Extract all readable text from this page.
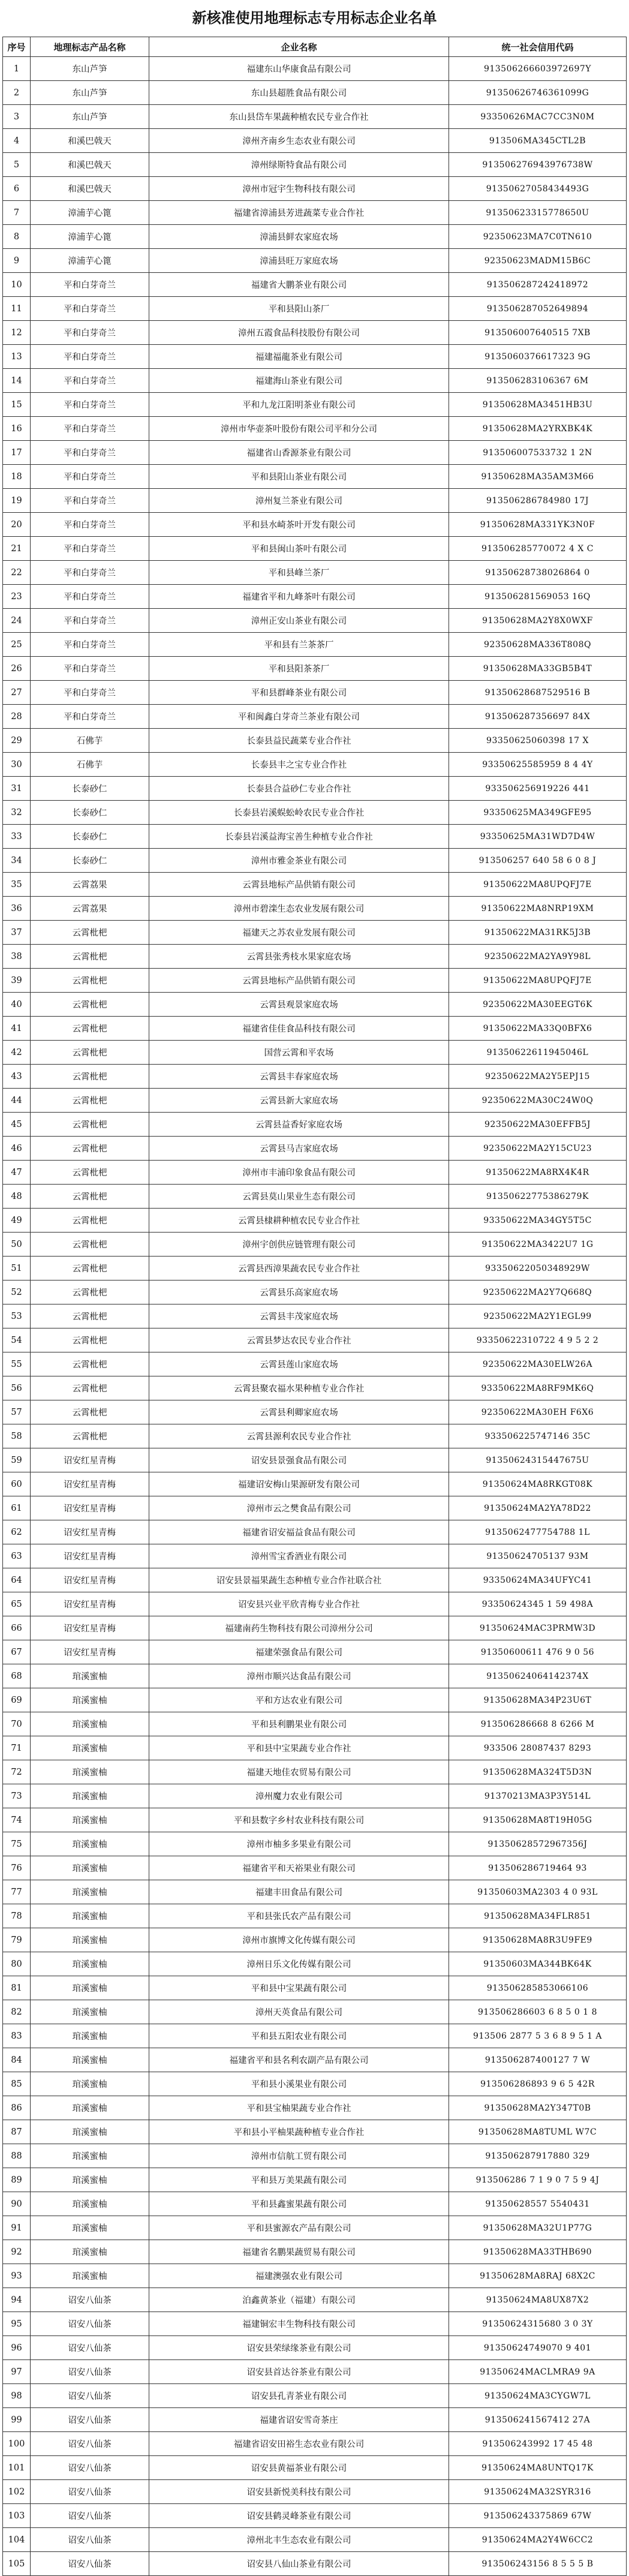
新核准使用地理标志专用标志企业名单
序号	地理标志产品名称	企业名称	统一社会信用代码
1	东山芦笋	福建东山华康食品有限公司	913506266603972697Y
2	东山芦笋	东山县超胜食品有限公司	91350626746361099G
3	东山芦笋	东山县岱车果蔬种植农民专业合作社	93350626MAC7CC3N0M
4	和溪巴戟天	漳州齐南乡生态农业有限公司	913506MA345CTL2B
5	和溪巴戟天	漳州绿斯特食品有限公司	913506276943976738W
6	和溪巴戟天	漳州市冠宇生物科技有限公司	91350627058434493G
7	漳浦芋心篦	福建省漳浦县芳进蔬菜专业合作社	91350623315778650U
8	漳浦芋心篦	漳浦县鲜农家庭农场	92350623MA7C0TN610
9	漳浦芋心篦	漳浦县旺万家庭农场	92350623MADM15B6C
10	平和白芽奇兰	福建省大鹏茶业有限公司	913506287242418972
11	平和白芽奇兰	平和县阳山茶厂	913506287052649894
12	平和白芽奇兰	漳州五霞食品科技股份有限公司	913506007640515 7XB
13	平和白芽奇兰	福建福龍茶业有限公司	9135060376617323 9G
14	平和白芽奇兰	福建海山茶业有限公司	913506283106367 6M
15	平和白芽奇兰	平和九龙江阳明茶业有限公司	91350628MA3451HB3U
16	平和白芽奇兰	漳州市华壶茶叶股份有限公司平和分公司	91350628MA2YRXBK4K
17	平和白芽奇兰	福建省山香源茶业有限公司	913506007533732 1 2N
18	平和白芽奇兰	平和县阳山茶业有限公司	91350628MA35AM3M66
19	平和白芽奇兰	漳州复兰茶业有限公司	913506286784980 17J
20	平和白芽奇兰	平和县水崎茶叶开发有限公司	91350628MA331YK3N0F
21	平和白芽奇兰	平和县闽山茶叶有限公司	913506285770072 4 X C
22	平和白芽奇兰	平和县峰兰茶厂	91350628738026864 0
23	平和白芽奇兰	福建省平和九峰茶叶有限公司	913506281569053 16Q
24	平和白芽奇兰	漳州正安山茶业有限公司	91350628MA2Y8X0WXF
25	平和白芽奇兰	平和县有兰茶茶厂	92350628MA336T808Q
26	平和白芽奇兰	平和县阳茶茶厂	91350628MA33GB5B4T
27	平和白芽奇兰	平和县群峰茶业有限公司	91350628687529516 B
28	平和白芽奇兰	平和闽鑫白芽奇兰茶业有限公司	913506287356697 84X
29	石佛芋	长泰县益民蔬菜专业合作社	93350625060398 17 X
30	石佛芋	长泰县丰之宝专业合作社	93350625585959 8 4 4Y
31	长泰砂仁	长泰县合益砂仁专业合作社	933506256919226 441
32	长泰砂仁	长泰县岩溪蜈蚣岭农民专业合作社	93350625MA349GFE95
33	长泰砂仁	长泰县岩溪益海宝善生种植专业合作社	93350625MA31WD7D4W
34	长泰砂仁	漳州市雅金茶业有限公司	913506257 640 58 6 0 8 J
35	云霄荔果	云霄县地标产品供销有限公司	91350622MA8UPQFJ7E
36	云霄荔果	漳州市碧滦生态农业发展有限公司	91350622MA8NRP19XM
37	云霄枇杷	福建天之苏农业发展有限公司	91350622MA31RK5J3B
38	云霄枇杷	云霄县张秀枝水果家庭农场	92350622MA2YA9Y98L
39	云霄枇杷	云霄县地标产品供销有限公司	91350622MA8UPQFJ7E
40	云霄枇杷	云霄县观景家庭农场	92350622MA30EEGT6K
41	云霄枇杷	福建省佳佳食品科技有限公司	91350622MA33Q0BFX6
42	云霄枇杷	国营云霄和平农场	91350622611945046L
43	云霄枇杷	云霄县丰春家庭农场	92350622MA2Y5EPJ15
44	云霄枇杷	云霄县新大家庭农场	92350622MA30C24W0Q
45	云霄枇杷	云霄县益香好家庭农场	92350622MA30EFFB5J
46	云霄枇杷	云霄县马吉家庭农场	92350622MA2Y15CU23
47	云霄枇杷	漳州市丰浦印象食品有限公司	91350622MA8RX4K4R
48	云霄枇杷	云霄县莫山果业生态有限公司	91350622775386279K
49	云霄枇杷	云霄县棣耕种植农民专业合作社	93350622MA34GY5T5C
50	云霄枇杷	漳州宇创供应链管理有限公司	91350622MA3422U7 1G
51	云霄枇杷	云霄县西漳果蔬农民专业合作社	93350622050348929W
52	云霄枇杷	云霄县乐高家庭农场	92350622MA2Y7Q668Q
53	云霄枇杷	云霄县丰茂家庭农场	92350622MA2Y1EGL99
54	云霄枇杷	云霄县梦达农民专业合作社	93350622310722 4 9 5 2 2
55	云霄枇杷	云霄县莲山家庭农场	92350622MA30ELW26A
56	云霄枇杷	云霄县聚农福水果种植专业合作社	93350622MA8RF9MK6Q
57	云霄枇杷	云霄县利卿家庭农场	92350622MA30EH F6X6
58	云霄枇杷	云霄县源利农民专业合作社	933506225747146 35C
59	诏安红星青梅	诏安县景强食品有限公司	91350624315447675U
60	诏安红星青梅	福建诏安梅山果源研发有限公司	91350624MA8RKGT08K
61	诏安红星青梅	漳州市云之樊食品有限公司	91350624MA2YA78D22
62	诏安红星青梅	福建省诏安福益食品有限公司	9135062477754788 1L
63	诏安红星青梅	漳州雪宝香酒业有限公司	91350624705137 93M
64	诏安红星青梅	诏安县景福果蔬生态种植专业合作社联合社	93350624MA34UFYC41
65	诏安红星青梅	诏安县兴业平欣青梅专业合作社	93350624345 1 59 498A
66	诏安红星青梅	福建南药生物科技有限公司漳州分公司	91350624MAC3PRMW3D
67	诏安红星青梅	福建荣强食品有限公司	91350600611 476 9 0 56
68	琯溪蜜柚	漳州市顺兴达食品有限公司	91350624064142374X
69	琯溪蜜柚	平和方达农业有限公司	91350628MA34P23U6T
70	琯溪蜜柚	平和县利鹏果业有限公司	913506286668 8 6266 M
71	琯溪蜜柚	平和县中宝果蔬专业合作社	933506 28087437 8293
72	琯溪蜜柚	福建天地佳农贸易有限公司	91350628MA324T5D3N
73	琯溪蜜柚	漳州魔力农业有限公司	91370213MA3P3Y514L
74	琯溪蜜柚	平和县数字乡村农业科技有限公司	91350628MA8T19H05G
75	琯溪蜜柚	漳州市柚多多果业有限公司	91350628572967356J
76	琯溪蜜柚	福建省平和天裕果业有限公司	913506286719464 93
77	琯溪蜜柚	福建丰田食品有限公司	91350603MA2303 4 0 93L
78	琯溪蜜柚	平和县张氏农产品有限公司	91350628MA34FLR851
79	琯溪蜜柚	漳州市旗博文化传媒有限公司	91350628MA8R3U9FE9
80	琯溪蜜柚	漳州日乐文化传媒有限公司	91350603MA344BK64K
81	琯溪蜜柚	平和县中宝果蔬有限公司	913506285853066106
82	琯溪蜜柚	漳州天英食品有限公司	913506286603 6 8 5 0 1 8
83	琯溪蜜柚	平和县五阳农业有限公司	913506 2877 5 3 6 8 9 5 1 A
84	琯溪蜜柚	福建省平和县名利农副产品有限公司	913506287400127 7 W
85	琯溪蜜柚	平和县小溪果业有限公司	913506286893 9 6 5 42R
86	琯溪蜜柚	平和县宝柚果蔬专业合作社	91350628MA2Y347T0B
87	琯溪蜜柚	平和县小平柚果蔬种植专业合作社	91350628MA8TUML W7C
88	琯溪蜜柚	漳州市信航工贸有限公司	913506287917880 329
89	琯溪蜜柚	平和县万美果蔬有限公司	913506286 7 1 9 0 7 5 9 4J
90	琯溪蜜柚	平和县鑫蜜果蔬有限公司	91350628557 5540431
91	琯溪蜜柚	平和县蜜源农产品有限公司	91350628MA32U1P77G
92	琯溪蜜柚	福建省名鹏果蔬贸易有限公司	91350628MA33THB690
93	琯溪蜜柚	福建澳强农业有限公司	91350628MA8RAJ 68X2C
94	诏安八仙茶	泊鑫黄茶业（福建）有限公司	91350624MA8UX87X2
95	诏安八仙茶	福建铜宏丰生物科技有限公司	91350624315680 3 0 3Y
96	诏安八仙茶	诏安县荣绿缘茶业有限公司	91350624749070 9 401
97	诏安八仙茶	诏安县首达谷茶业有限公司	91350624MACLMRA9 9A
98	诏安八仙茶	诏安县孔青茶业有限公司	91350624MA3CYGW7L
99	诏安八仙茶	福建省诏安雪奇茶庄	913506241567412 27A
100	诏安八仙茶	福建省诏安田裕生态农业有限公司	913506243992 17 45 48
101	诏安八仙茶	诏安县黄福茶业有限公司	91350624MA8UNTQ17K
102	诏安八仙茶	诏安县新悦美科技有限公司	91350624MA32SYR316
103	诏安八仙茶	诏安县鹤灵峰茶业有限公司	913506243375869 67W
104	诏安八仙茶	漳州北丰生态农业有限公司	91350624MA2Y4W6CC2
105	诏安八仙茶	诏安县八仙山茶业有限公司	913506243156 8 5 5 5 B
